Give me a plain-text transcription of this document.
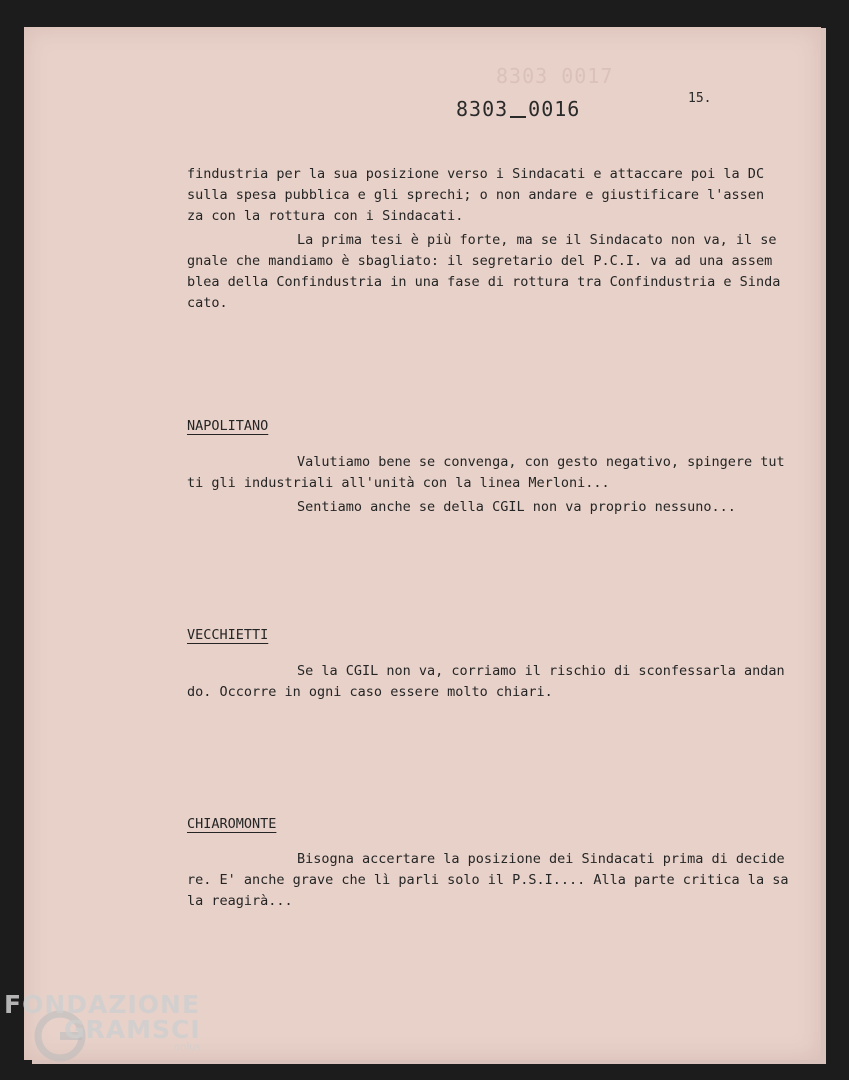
8303 0017
8303 0016	15.
findustria per la sua posizione verso i Sindacati e attaccare poi la DC
sulla spesa pubblica e gli sprechi; o non andare e giustificare l'assen
za con la rottura con i Sindacati.
La prima tesi è più forte, ma se il Sindacato non va, il se
gnale che mandiamo è sbagliato: il segretario del P.C.I. va ad una assem
blea della Confindustria in una fase di rottura tra Confindustria e Sinda
cato.
NAPOLITANO
Valutiamo bene se convenga, con gesto negativo, spingere tut
ti gli industriali all'unità con la linea Merloni...
Sentiamo anche se della CGIL non va proprio nessuno...
VECCHIETTI
Se la CGIL non va, corriamo il rischio di sconfessarla andan
do. Occorre in ogni caso essere molto chiari.
CHIAROMONTE
Bisogna accertare la posizione dei Sindacati prima di decide
re. E' anche grave che lì parli solo il P.S.I.... Alla parte critica la sa
la reagirà...
FONDAZIONE
GRAMSCI
onlus
